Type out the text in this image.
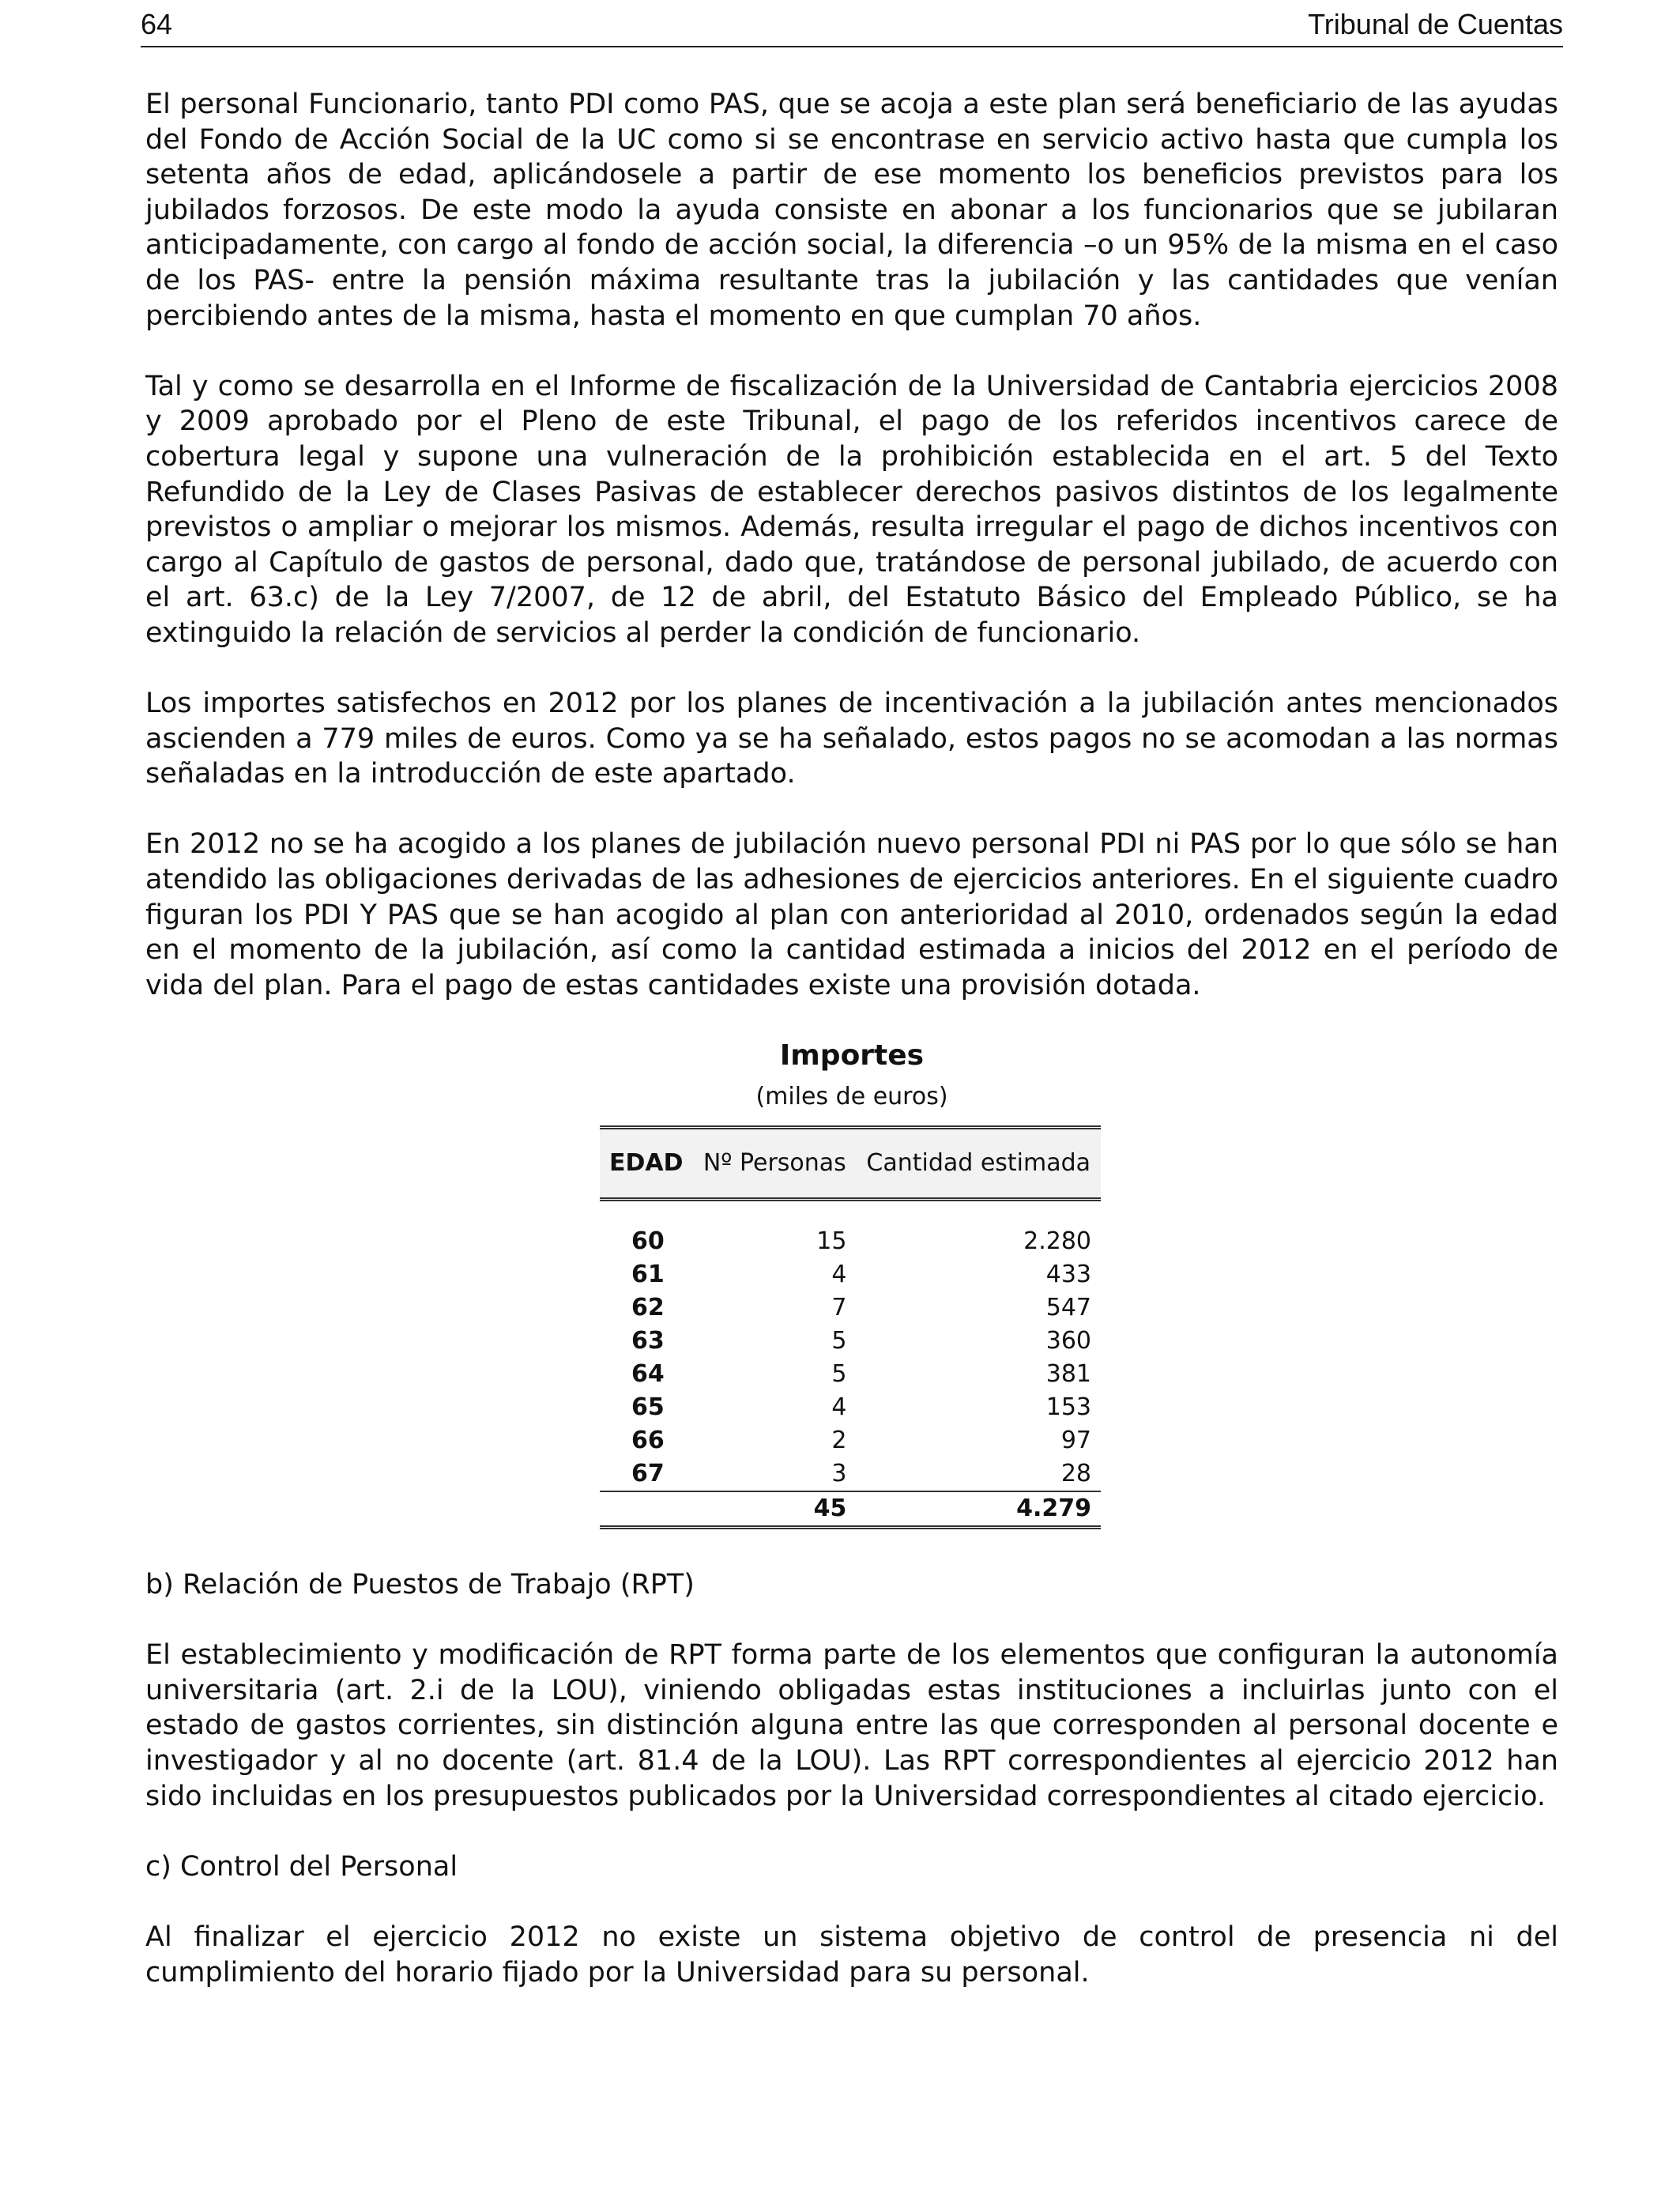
64	Tribunal de Cuentas

El personal Funcionario, tanto PDI como PAS, que se acoja a este plan será beneficiario de las ayudas del Fondo de Acción Social de la UC como si se encontrase en servicio activo hasta que cumpla los setenta años de edad, aplicándosele a partir de ese momento los beneficios previstos para los jubilados forzosos. De este modo la ayuda consiste en abonar a los funcionarios que se jubilaran anticipadamente, con cargo al fondo de acción social, la diferencia –o un 95% de la misma en el caso de los PAS- entre la pensión máxima resultante tras la jubilación y las cantidades que venían percibiendo antes de la misma, hasta el momento en que cumplan 70 años.

Tal y como se desarrolla en el Informe de fiscalización de la Universidad de Cantabria ejercicios 2008 y 2009 aprobado por el Pleno de este Tribunal, el pago de los referidos incentivos carece de cobertura legal y supone una vulneración de la prohibición establecida en el art. 5 del Texto Refundido de la Ley de Clases Pasivas de establecer derechos pasivos distintos de los legalmente previstos o ampliar o mejorar los mismos. Además, resulta irregular el pago de dichos incentivos con cargo al Capítulo de gastos de personal, dado que, tratándose de personal jubilado, de acuerdo con el art. 63.c) de la Ley 7/2007, de 12 de abril, del Estatuto Básico del Empleado Público, se ha extinguido la relación de servicios al perder la condición de funcionario.

Los importes satisfechos en 2012 por los planes de incentivación a la jubilación antes mencionados ascienden a 779 miles de euros. Como ya se ha señalado, estos pagos no se acomodan a las normas señaladas en la introducción de este apartado.

En 2012 no se ha acogido a los planes de jubilación nuevo personal PDI ni PAS por lo que sólo se han atendido las obligaciones derivadas de las adhesiones de ejercicios anteriores. En el siguiente cuadro figuran los PDI Y PAS que se han acogido al plan con anterioridad al 2010, ordenados según la edad en el momento de la jubilación, así como la cantidad estimada a inicios del 2012 en el período de vida del plan. Para el pago de estas cantidades existe una provisión dotada.

Importes
(miles de euros)
EDAD	Nº Personas	Cantidad estimada

60	15	2.280
61	4	433
62	7	547
63	5	360
64	5	381
65	4	153
66	2	97
67	3	28
	45	4.279

b) Relación de Puestos de Trabajo (RPT)

El establecimiento y modificación de RPT forma parte de los elementos que configuran la autonomía universitaria (art. 2.i de la LOU), viniendo obligadas estas instituciones a incluirlas junto con el estado de gastos corrientes, sin distinción alguna entre las que corresponden al personal docente e investigador y al no docente (art. 81.4 de la LOU). Las RPT correspondientes al ejercicio 2012 han sido incluidas en los presupuestos publicados por la Universidad correspondientes al citado ejercicio.

c) Control del Personal

Al finalizar el ejercicio 2012 no existe un sistema objetivo de control de presencia ni del cumplimiento del horario fijado por la Universidad para su personal.
